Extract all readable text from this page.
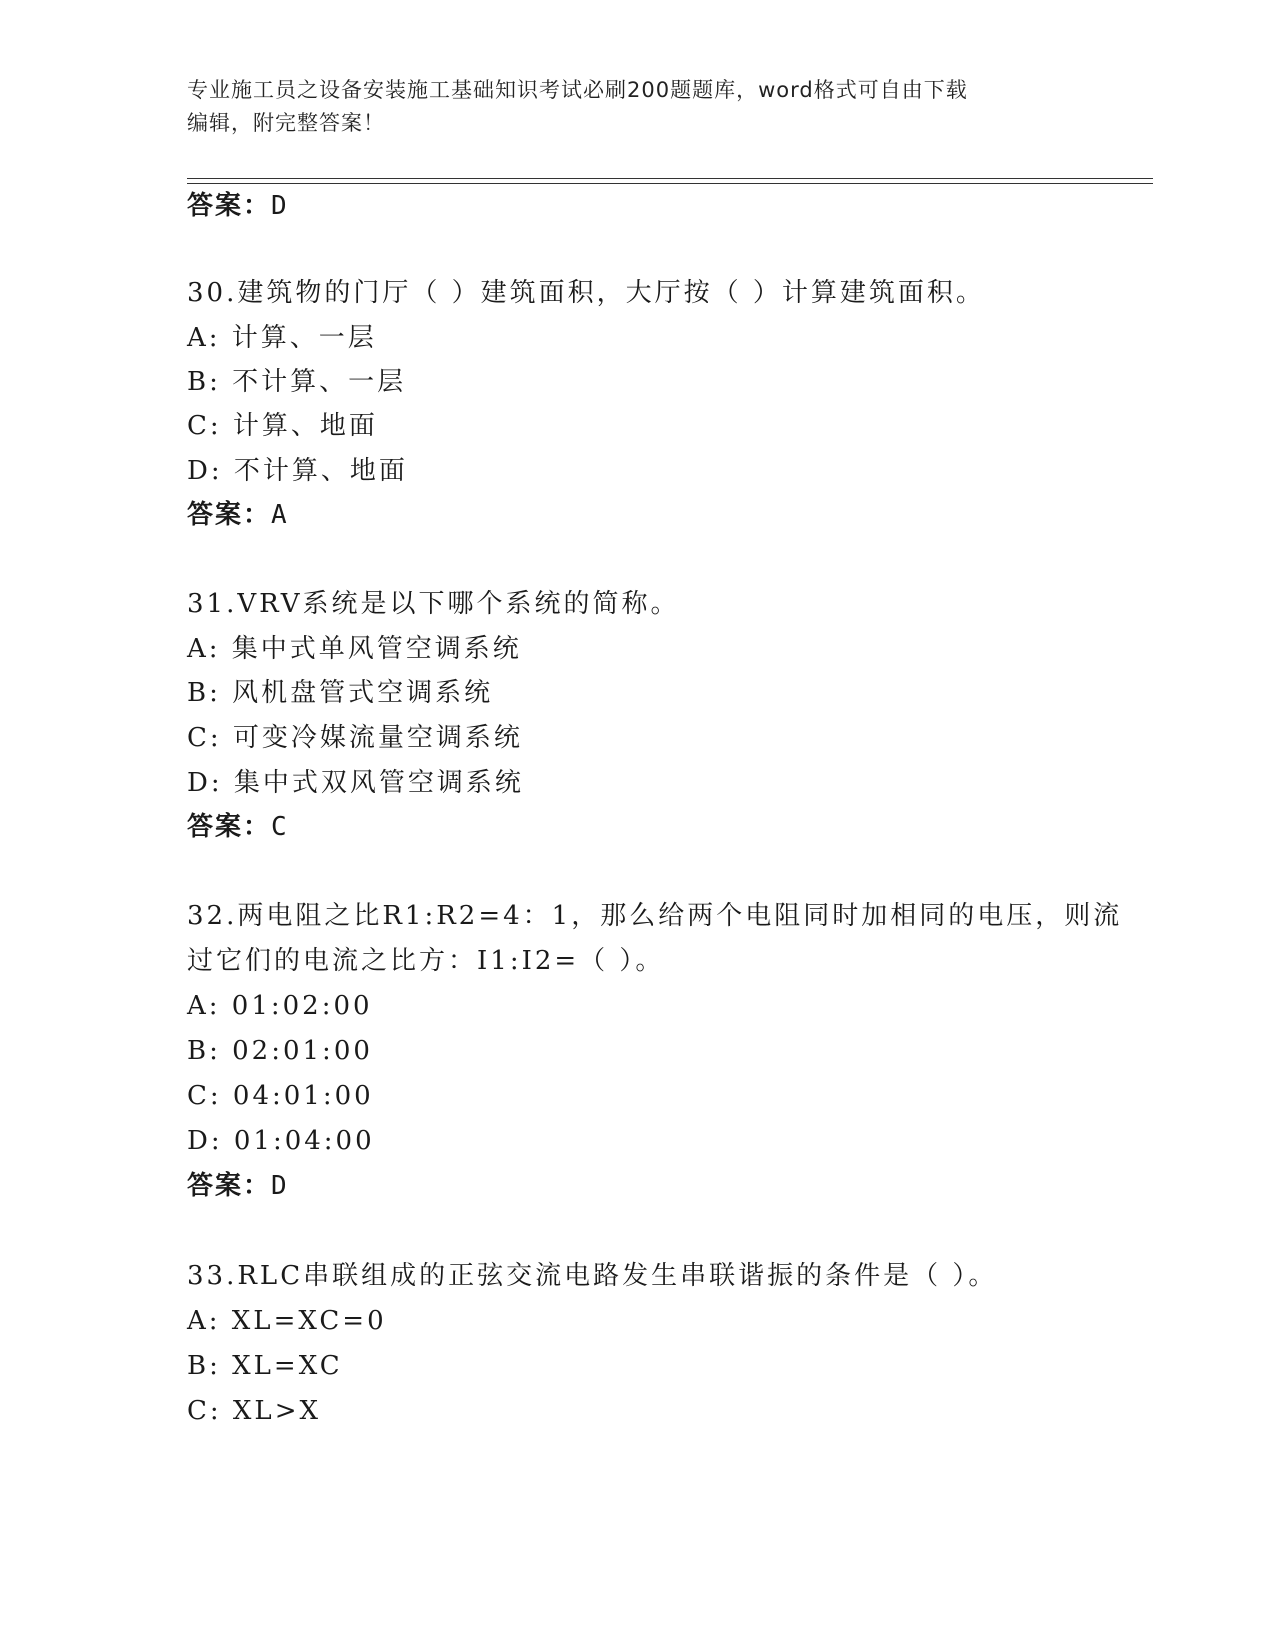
专业施工员之设备安装施工基础知识考试必刷200题题库，word格式可自由下载
编辑，附完整答案！
答案：D
30.建筑物的门厅（ ）建筑面积，大厅按（ ）计算建筑面积。
A: 计算、一层
B: 不计算、一层
C: 计算、地面
D: 不计算、地面
答案：A
31.VRV系统是以下哪个系统的简称。
A: 集中式单风管空调系统
B: 风机盘管式空调系统
C: 可变冷媒流量空调系统
D: 集中式双风管空调系统
答案：C
32.两电阻之比R1:R2=4：1，那么给两个电阻同时加相同的电压，则流
过它们的电流之比方：I1:I2=（ ）。
A: 01:02:00
B: 02:01:00
C: 04:01:00
D: 01:04:00
答案：D
33.RLC串联组成的正弦交流电路发生串联谐振的条件是（ ）。
A: XL=XC=0
B: XL=XC
C: XL>X
